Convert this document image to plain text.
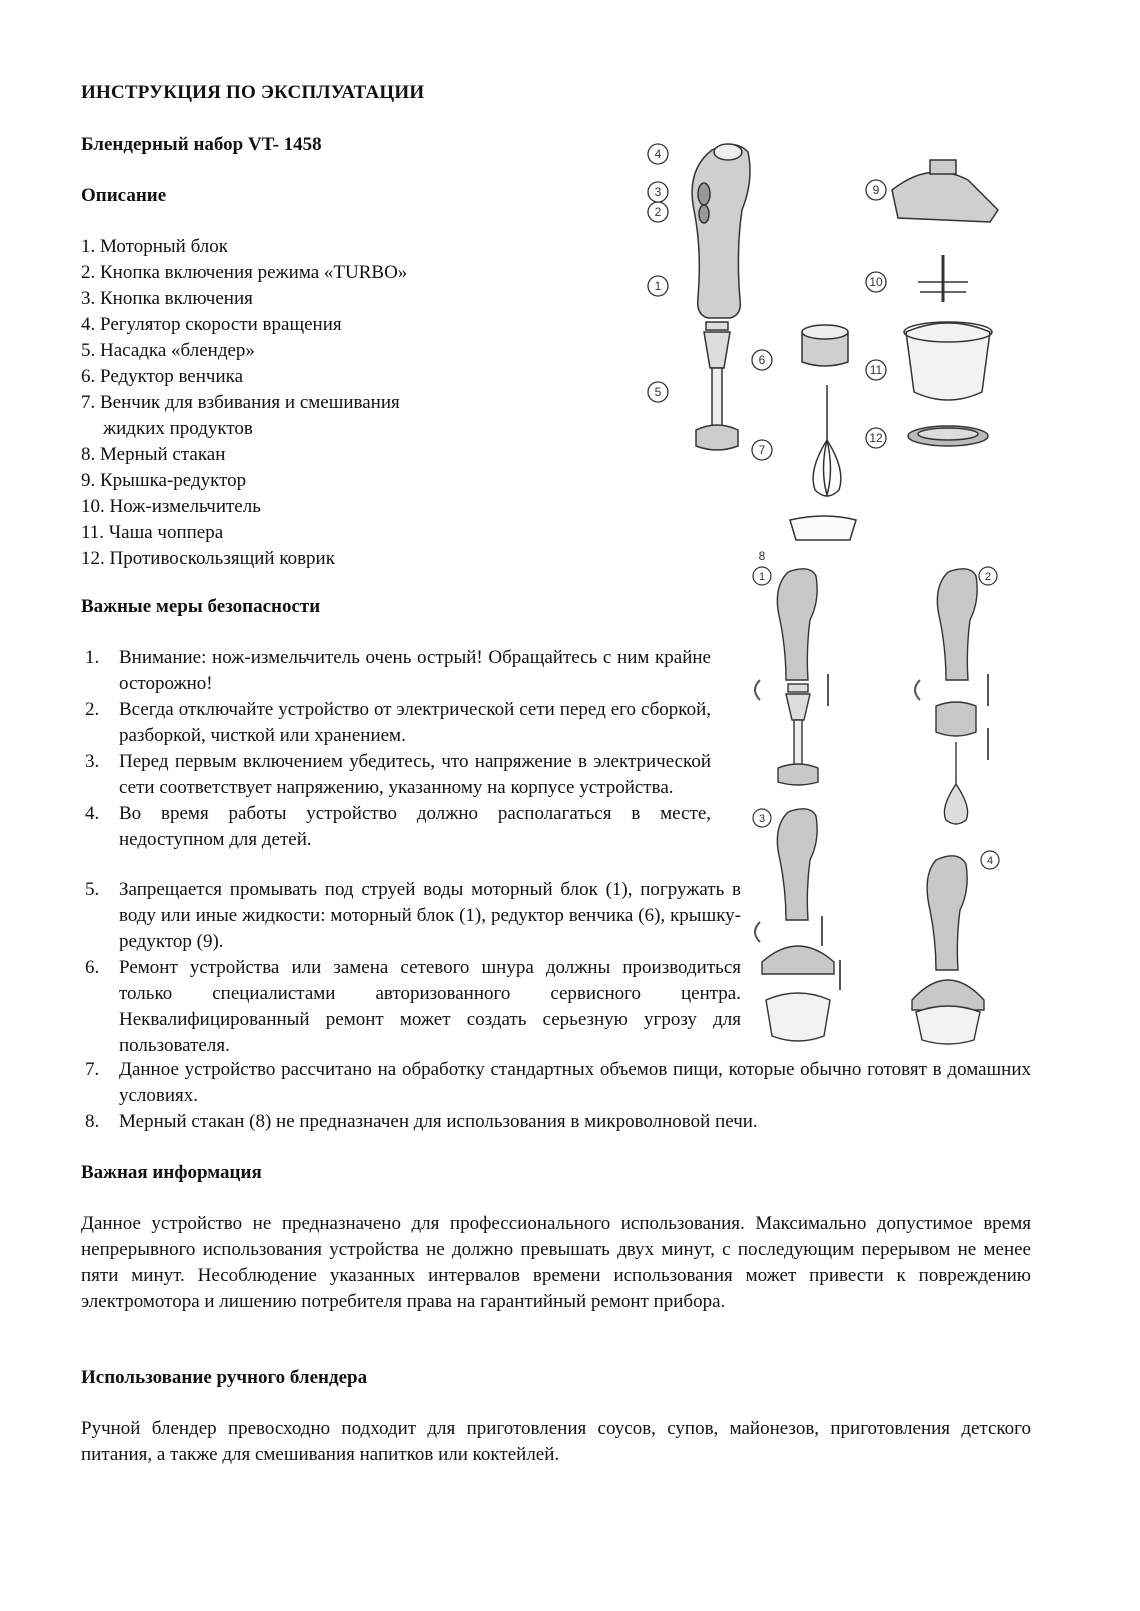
ИНСТРУКЦИЯ ПО ЭКСПЛУАТАЦИИ
Блендерный набор VT- 1458
Описание
1. Моторный блок
2. Кнопка включения режима «TURBO»
3. Кнопка включения
4. Регулятор скорости вращения
5. Насадка «блендер»
6. Редуктор венчика
7. Венчик для взбивания и смешивания
жидких продуктов
8. Мерный стакан
9. Крышка-редуктор
10. Нож-измельчитель
11. Чаша чоппера
12. Противоскользящий коврик
Важные меры безопасности
1. Внимание: нож-измельчитель очень острый! Обращайтесь с ним крайне осторожно!
2. Всегда отключайте устройство от электрической сети перед его сборкой, разборкой, чисткой или хранением.
3. Перед первым включением убедитесь, что напряжение в электрической сети соответствует напряжению, указанному на корпусе устройства.
4. Во время работы устройство должно располагаться в месте, недоступном для детей.
5. Запрещается промывать под струей воды моторный блок (1), погружать в воду или иные жидкости: моторный блок (1), редуктор венчика (6), крышку-редуктор (9).
6. Ремонт устройства или замена сетевого шнура должны производиться только специалистами авторизованного сервисного центра. Неквалифицированный ремонт может создать серьезную угрозу для пользователя.
7. Данное устройство рассчитано на обработку стандартных объемов пищи, которые обычно готовят в домашних условиях.
8. Мерный стакан (8) не предназначен для использования в микроволновой печи.
Важная информация
Данное устройство не предназначено для профессионального использования. Максимально допустимое время непрерывного использования устройства не должно превышать двух минут, с последующим перерывом не менее пяти минут. Несоблюдение указанных интервалов времени использования может привести к повреждению электромотора и лишению потребителя права на гарантийный ремонт прибора.
Использование ручного блендера
Ручной блендер превосходно подходит для приготовления соусов, супов, майонезов, приготовления детского питания, а также для смешивания напитков или коктейлей.
1
2
3
4
5
6
7
9
10
11
12
8
1	2
3
4
